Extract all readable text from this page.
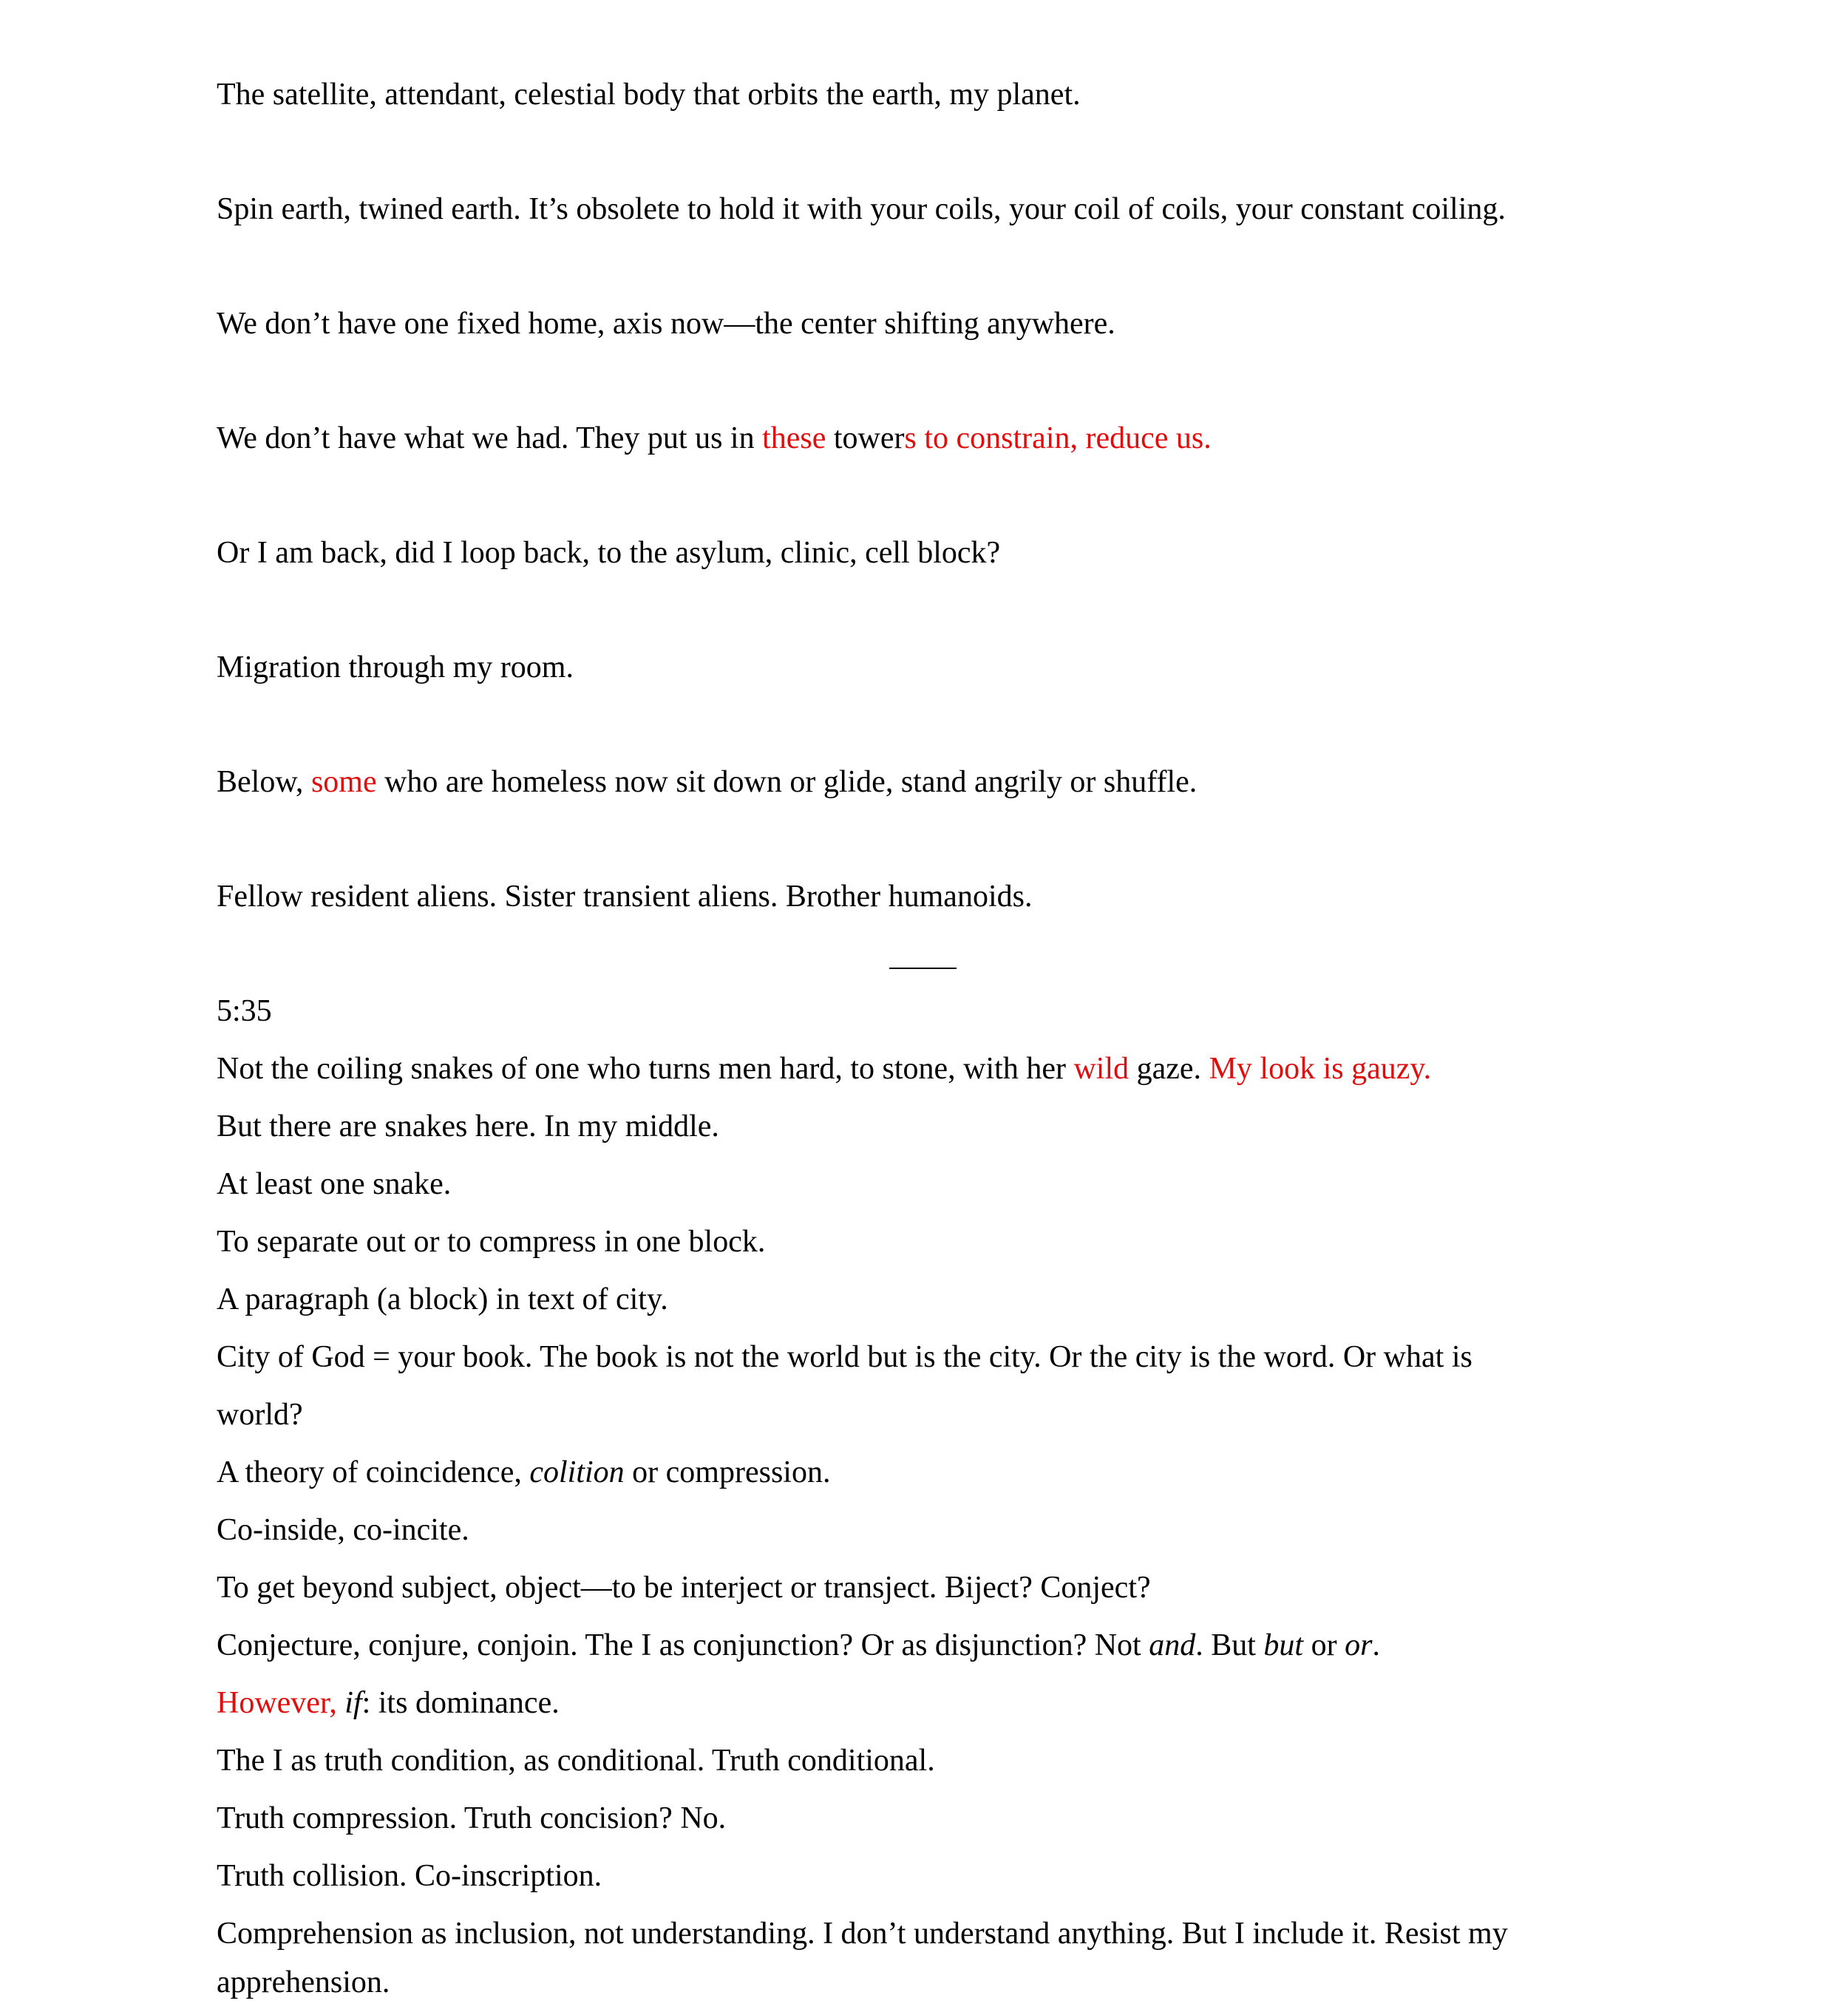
The satellite, attendant, celestial body that orbits the earth, my planet.

Spin earth, twined earth. It’s obsolete to hold it with your coils, your coil of coils, your constant coiling.

We don’t have one fixed home, axis now—the center shifting anywhere.

We don’t have what we had. They put us in these towers to constrain, reduce us.

Or I am back, did I loop back, to the asylum, clinic, cell block?

Migration through my room.

Below, some who are homeless now sit down or glide, stand angrily or shuffle.

Fellow resident aliens. Sister transient aliens. Brother humanoids.

5:35

Not the coiling snakes of one who turns men hard, to stone, with her wild gaze. My look is gauzy.

But there are snakes here. In my middle.

At least one snake.

To separate out or to compress in one block.

A paragraph (a block) in text of city.

City of God = your book. The book is not the world but is the city. Or the city is the word. Or what is

world?

A theory of coincidence, colition or compression.

Co-inside, co-incite.

To get beyond subject, object—to be interject or transject. Biject? Conject?

Conjecture, conjure, conjoin. The I as conjunction? Or as disjunction? Not and. But but or or.

However, if: its dominance.

The I as truth condition, as conditional. Truth conditional.

Truth compression. Truth concision? No.

Truth collision. Co-inscription.

Comprehension as inclusion, not understanding. I don’t understand anything. But I include it. Resist my

apprehension.
